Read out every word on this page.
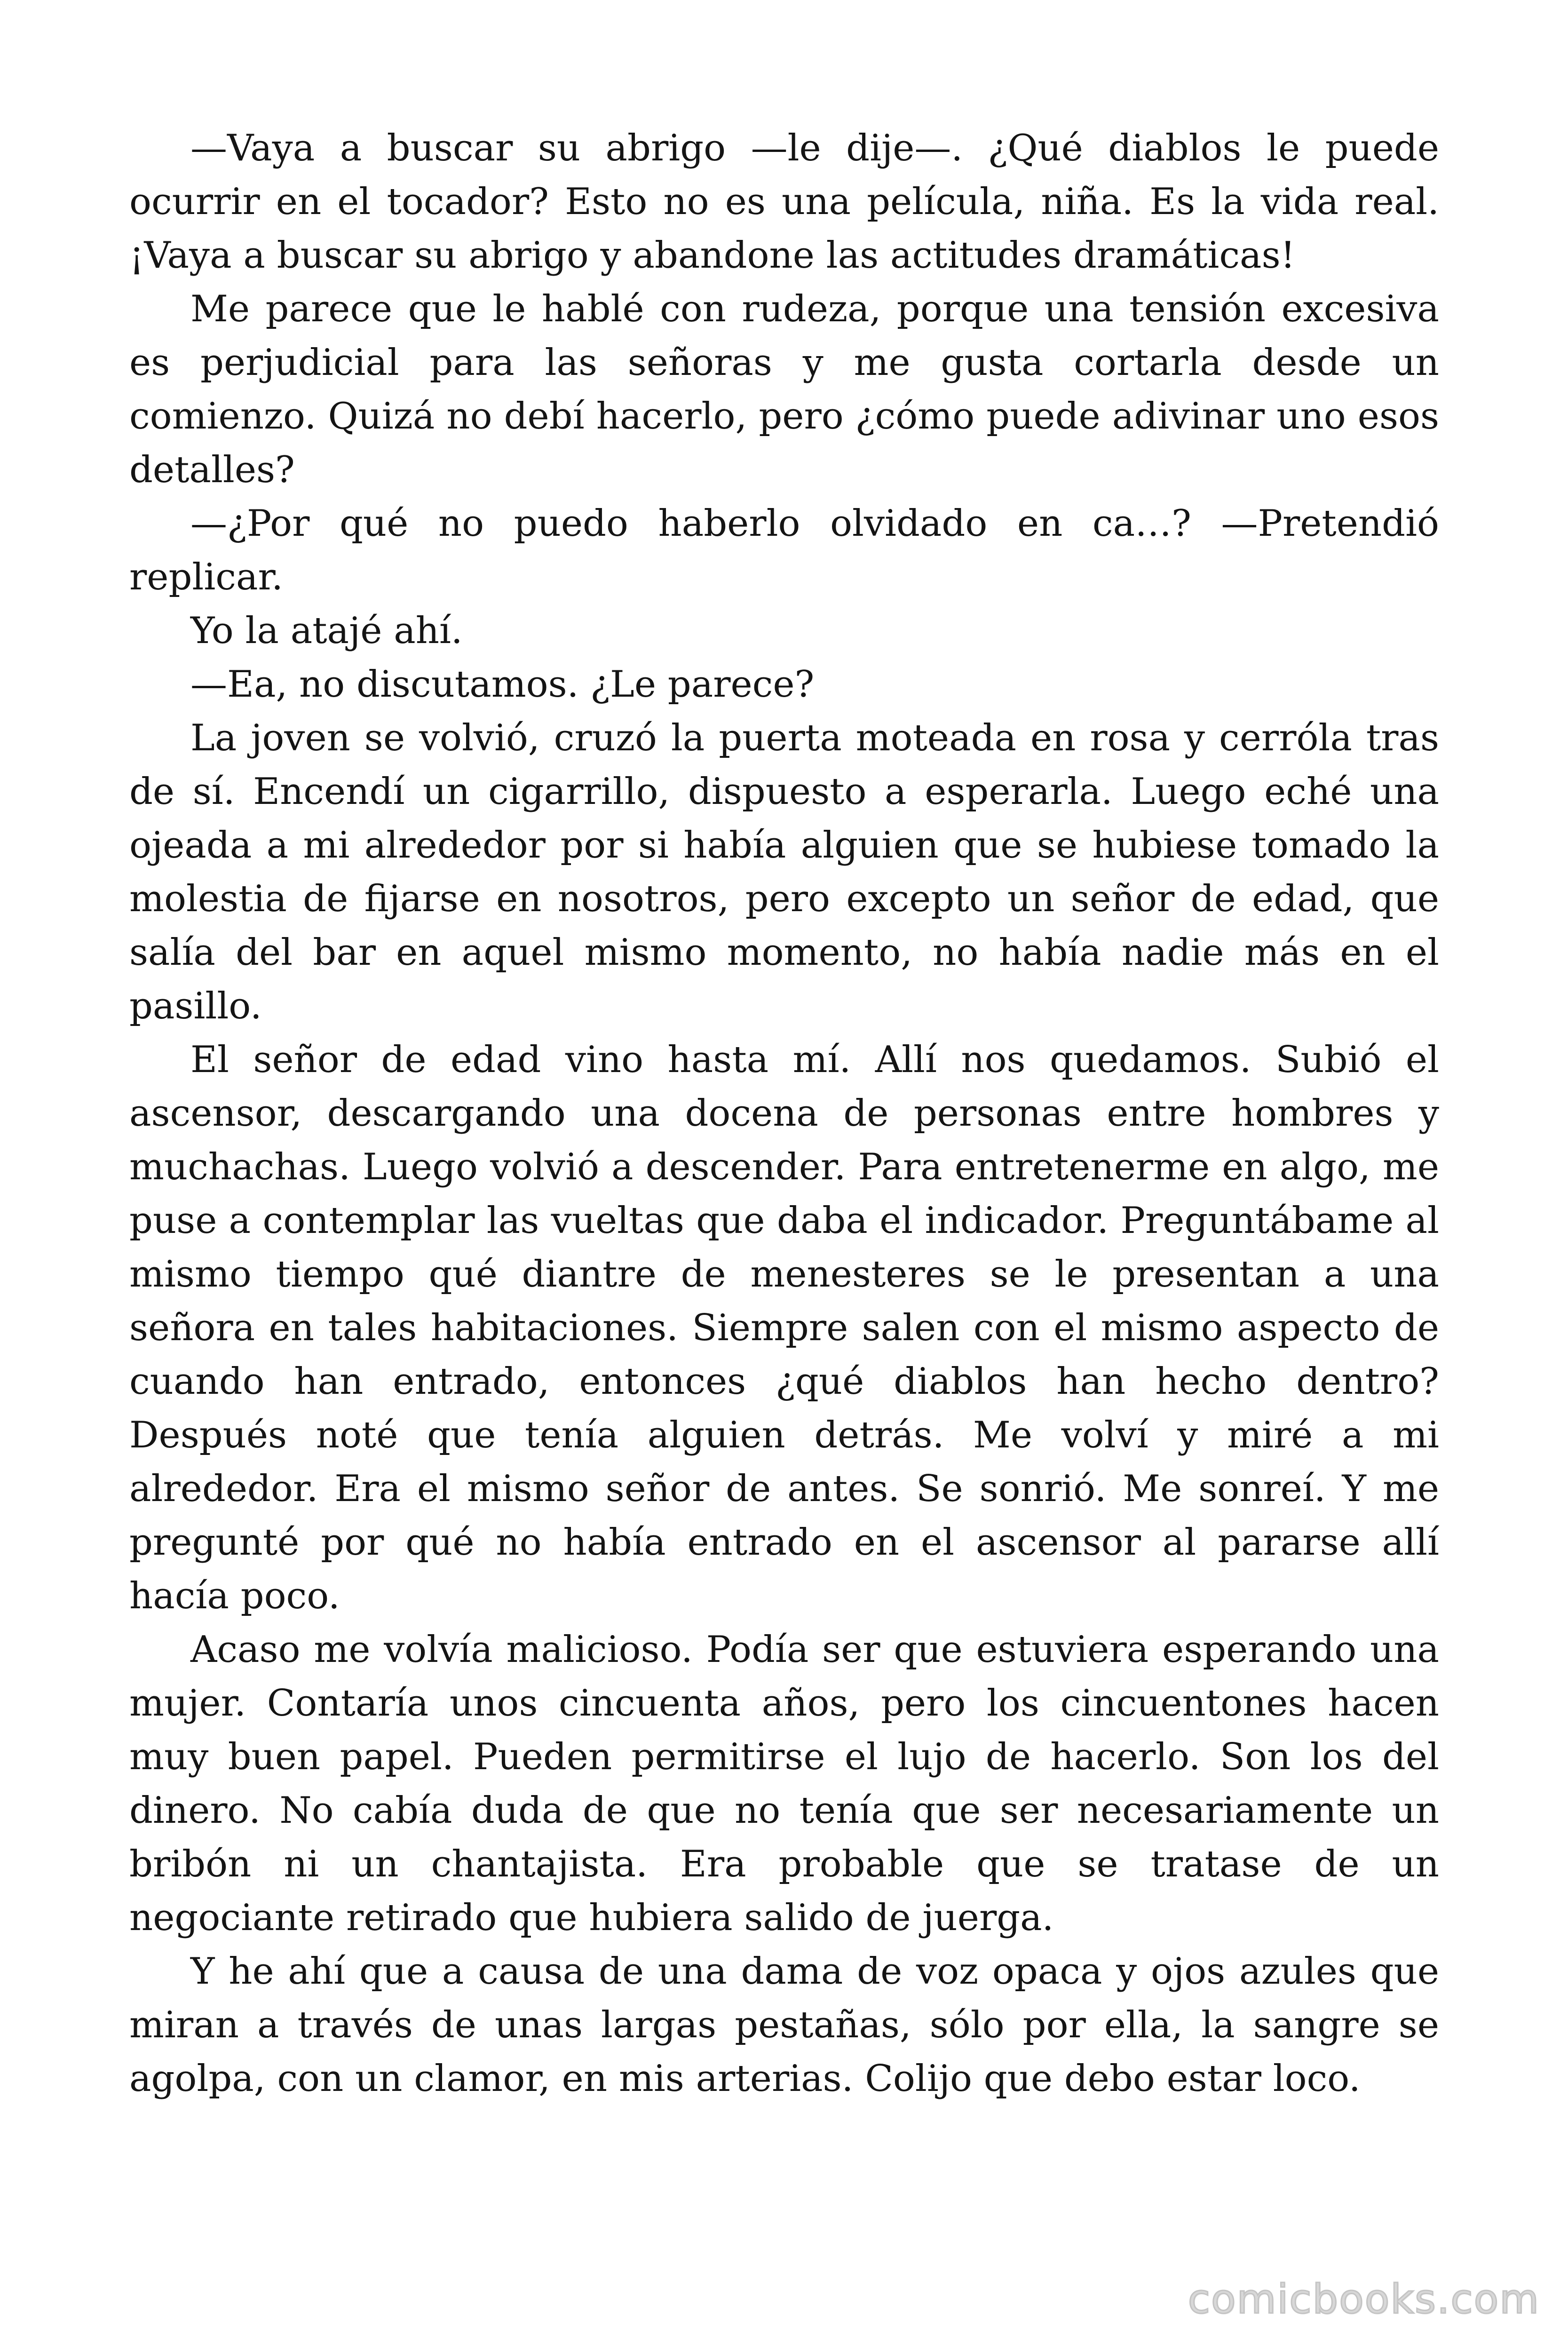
—Vaya a buscar su abrigo —le dije—. ¿Qué diablos le puede ocurrir en el tocador? Esto no es una película, niña. Es la vida real. ¡Vaya a buscar su abrigo y abandone las actitudes dramáticas!

Me parece que le hablé con rudeza, porque una tensión excesiva es perjudicial para las señoras y me gusta cortarla desde un comienzo. Quizá no debí hacerlo, pero ¿cómo puede adivinar uno esos detalles?

—¿Por qué no puedo haberlo olvidado en ca…? —Pretendió replicar.

Yo la atajé ahí.

—Ea, no discutamos. ¿Le parece?

La joven se volvió, cruzó la puerta moteada en rosa y cerróla tras de sí. Encendí un cigarrillo, dispuesto a esperarla. Luego eché una ojeada a mi alrededor por si había alguien que se hubiese tomado la molestia de fijarse en nosotros, pero excepto un señor de edad, que salía del bar en aquel mismo momento, no había nadie más en el pasillo.

El señor de edad vino hasta mí. Allí nos quedamos. Subió el ascensor, descargando una docena de personas entre hombres y muchachas. Luego volvió a descender. Para entretenerme en algo, me puse a contemplar las vueltas que daba el indicador. Preguntábame al mismo tiempo qué diantre de menesteres se le presentan a una señora en tales habitaciones. Siempre salen con el mismo aspecto de cuando han entrado, entonces ¿qué diablos han hecho dentro? Después noté que tenía alguien detrás. Me volví y miré a mi alrededor. Era el mismo señor de antes. Se sonrió. Me sonreí. Y me pregunté por qué no había entrado en el ascensor al pararse allí hacía poco.

Acaso me volvía malicioso. Podía ser que estuviera esperando una mujer. Contaría unos cincuenta años, pero los cincuentones hacen muy buen papel. Pueden permitirse el lujo de hacerlo. Son los del dinero. No cabía duda de que no tenía que ser necesariamente un bribón ni un chantajista. Era probable que se tratase de un negociante retirado que hubiera salido de juerga.

Y he ahí que a causa de una dama de voz opaca y ojos azules que miran a través de unas largas pestañas, sólo por ella, la sangre se agolpa, con un clamor, en mis arterias. Colijo que debo estar loco.

comicbooks.com
